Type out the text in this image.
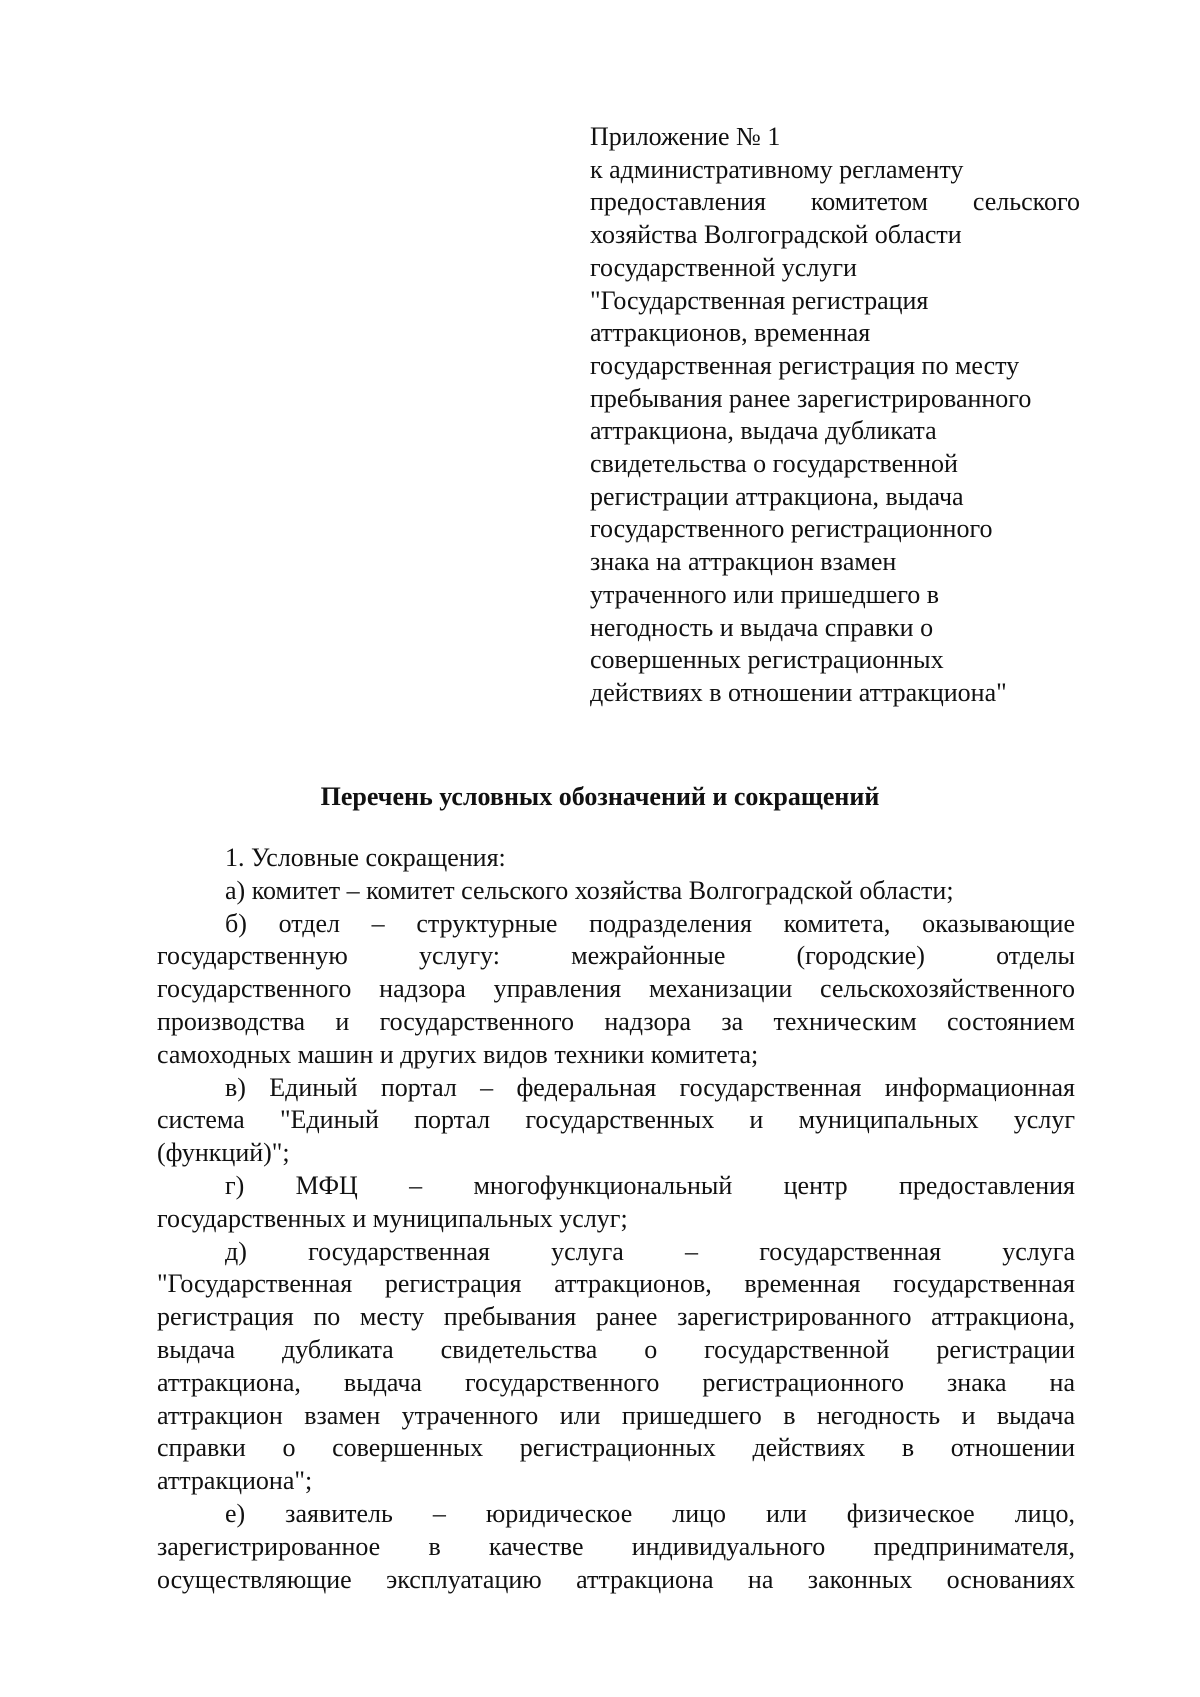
Приложение № 1
к административному регламенту
предоставления комитетом сельского
хозяйства Волгоградской области
государственной услуги
"Государственная регистрация
аттракционов, временная
государственная регистрация по месту
пребывания ранее зарегистрированного
аттракциона, выдача дубликата
свидетельства о государственной
регистрации аттракциона, выдача
государственного регистрационного
знака на аттракцион взамен
утраченного или пришедшего в
негодность и выдача справки о
совершенных регистрационных
действиях в отношении аттракциона"
Перечень условных обозначений и сокращений
1. Условные сокращения:
а) комитет – комитет сельского хозяйства Волгоградской области;
б) отдел – структурные подразделения комитета, оказывающие
государственную услугу: межрайонные (городские) отделы
государственного надзора управления механизации сельскохозяйственного
производства и государственного надзора за техническим состоянием
самоходных машин и других видов техники комитета;
в) Единый портал – федеральная государственная информационная
система "Единый портал государственных и муниципальных услуг
(функций)";
г) МФЦ – многофункциональный центр предоставления
государственных и муниципальных услуг;
д) государственная услуга – государственная услуга
"Государственная регистрация аттракционов, временная государственная
регистрация по месту пребывания ранее зарегистрированного аттракциона,
выдача дубликата свидетельства о государственной регистрации
аттракциона, выдача государственного регистрационного знака на
аттракцион взамен утраченного или пришедшего в негодность и выдача
справки о совершенных регистрационных действиях в отношении
аттракциона";
е) заявитель – юридическое лицо или физическое лицо,
зарегистрированное в качестве индивидуального предпринимателя,
осуществляющие эксплуатацию аттракциона на законных основаниях
